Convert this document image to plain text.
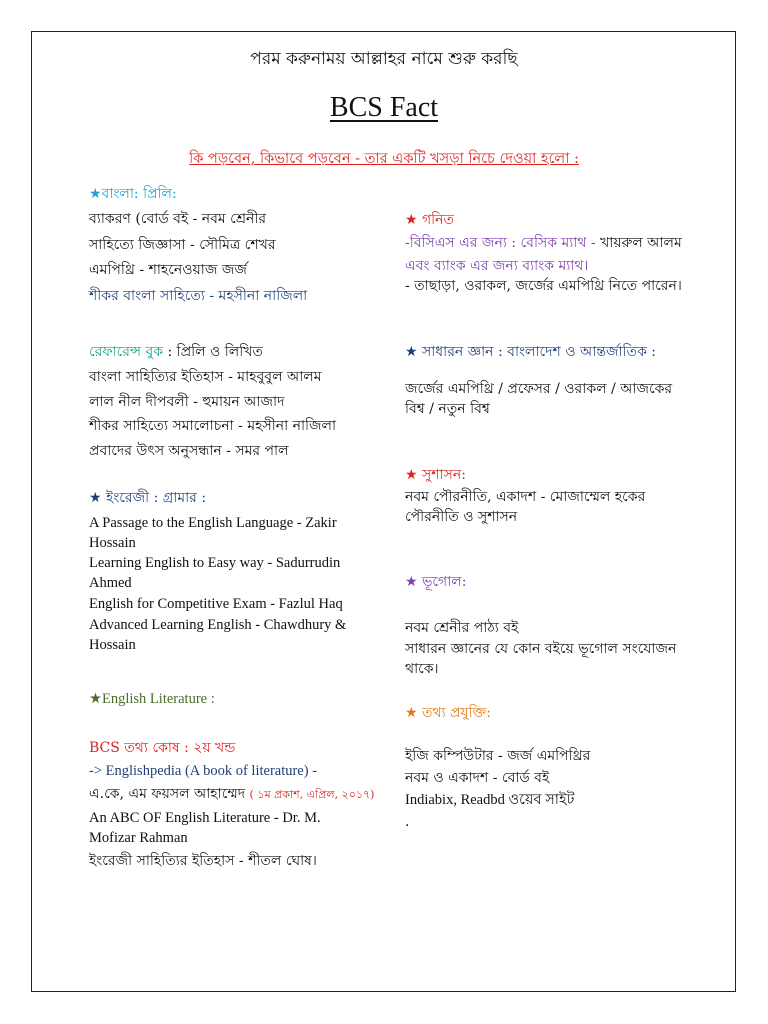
পরম করুনাময় আল্লাহর নামে শুরু করছি
BCS Fact
কি পড়বেন, কিভাবে পড়বেন - তার একটি খসড়া নিচে দেওয়া হলো :
★বাংলা: প্রিলি:
ব্যাকরণ (বোর্ড বই - নবম শ্রেনীর
সাহিত্যে জিজ্ঞাসা - সৌমিত্র শেখর
এমপিথ্রি - শাহনেওয়াজ জর্জ
শীকর বাংলা সাহিত্যে - মহসীনা নাজিলা
রেফারেন্স বুক : প্রিলি ও লিখিত
বাংলা সাহিত্যির ইতিহাস - মাহবুবুল আলম
লাল নীল দীপবলী - হুমায়ন আজাদ
শীকর সাহিত্যে সমালোচনা - মহসীনা নাজিলা
প্রবাদের উৎস অনুসন্ধান - সমর পাল
★ ইংরেজী : গ্রামার :
A Passage to the English Language - Zakir Hossain
Learning English to Easy way - Sadurrudin Ahmed
English for Competitive Exam - Fazlul Haq
Advanced Learning English - Chawdhury & Hossain
★English Literature :
BCS তথ্য কোষ : ২য় খন্ড
-> Englishpedia (A book of literature) -
এ.কে, এম ফয়সল আহাম্মেদ ( ১ম প্রকাশ, এপ্রিল, ২০১৭)
An ABC OF English Literature - Dr. M. Mofizar Rahman
ইংরেজী সাহিত্যির ইতিহাস - শীতল ঘোষ।
★ গনিত
-বিসিএস এর জন্য : বেসিক ম্যাথ - খায়রুল আলম
এবং ব্যাংক এর জন্য ব্যাংক ম্যাথ।
- তাছাড়া, ওরাকল, জর্জের এমপিথ্রি নিতে পারেন।
★ সাধারন জ্ঞান : বাংলাদেশ ও আন্তর্জাতিক :
জর্জের এমপিথ্রি / প্রফেসর / ওরাকল / আজকের বিশ্ব / নতুন বিশ্ব
★ সুশাসন:
নবম পৌরনীতি, একাদশ - মোজাম্মেল হকের পৌরনীতি ও সুশাসন
★ ভূগোল:
নবম শ্রেনীর পাঠ্য বই
সাধারন জ্ঞানের যে কোন বইয়ে ভূগোল সংযোজন থাকে।
★ তথ্য প্রযুক্তি:
ইজি কম্পিউটার - জর্জ এমপিথ্রির
নবম ও একাদশ - বোর্ড বই
Indiabix, Readbd ওয়েব সাইট
.
